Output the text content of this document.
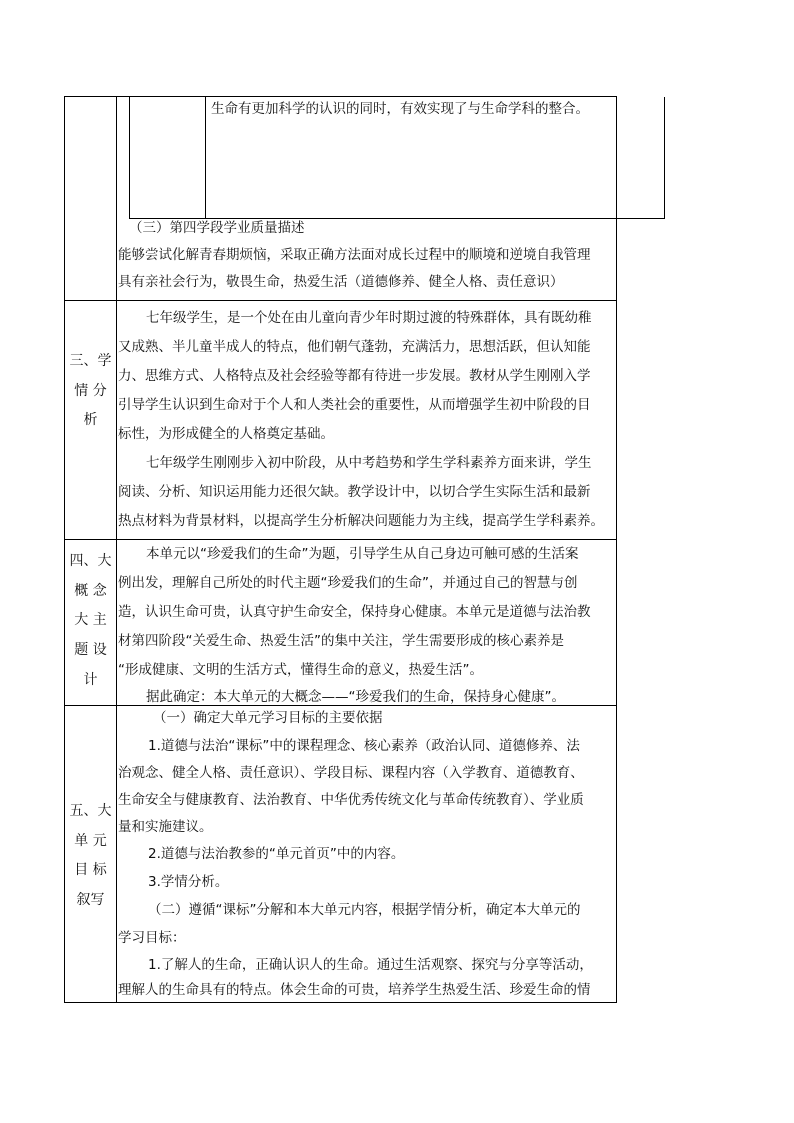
生命有更加科学的认识的同时，有效实现了与生命学科的整合。
（三）第四学段学业质量描述
能够尝试化解青春期烦恼，采取正确方法面对成长过程中的顺境和逆境自我管理
具有亲社会行为，敬畏生命，热爱生活（道德修养、健全人格、责任意识）
三、学
情 分
析
七年级学生，是一个处在由儿童向青少年时期过渡的特殊群体，具有既幼稚
又成熟、半儿童半成人的特点，他们朝气蓬勃，充满活力，思想活跃，但认知能
力、思维方式、人格特点及社会经验等都有待进一步发展。教材从学生刚刚入学
引导学生认识到生命对于个人和人类社会的重要性，从而增强学生初中阶段的目
标性，为形成健全的人格奠定基础。
七年级学生刚刚步入初中阶段，从中考趋势和学生学科素养方面来讲，学生
阅读、分析、知识运用能力还很欠缺。教学设计中，以切合学生实际生活和最新
热点材料为背景材料，以提高学生分析解决问题能力为主线，提高学生学科素养。
四、大
概 念
大 主
题 设
计
本单元以“珍爱我们的生命”为题，引导学生从自己身边可触可感的生活案
例出发，理解自己所处的时代主题“珍爱我们的生命”，并通过自己的智慧与创
造，认识生命可贵，认真守护生命安全，保持身心健康。本单元是道德与法治教
材第四阶段“关爱生命、热爱生活”的集中关注，学生需要形成的核心素养是
“形成健康、文明的生活方式，懂得生命的意义，热爱生活”。
据此确定：本大单元的大概念——“珍爱我们的生命，保持身心健康”。
五、大
单 元
目 标
叙写
（一）确定大单元学习目标的主要依据
1.道德与法治“课标”中的课程理念、核心素养（政治认同、道德修养、法
治观念、健全人格、责任意识）、学段目标、课程内容（入学教育、道德教育、
生命安全与健康教育、法治教育、中华优秀传统文化与革命传统教育）、学业质
量和实施建议。
2.道德与法治教参的“单元首页”中的内容。
3.学情分析。
（二）遵循“课标”分解和本大单元内容，根据学情分析，确定本大单元的
学习目标：
1.了解人的生命，正确认识人的生命。通过生活观察、探究与分享等活动，
理解人的生命具有的特点。体会生命的可贵，培养学生热爱生活、珍爱生命的情
